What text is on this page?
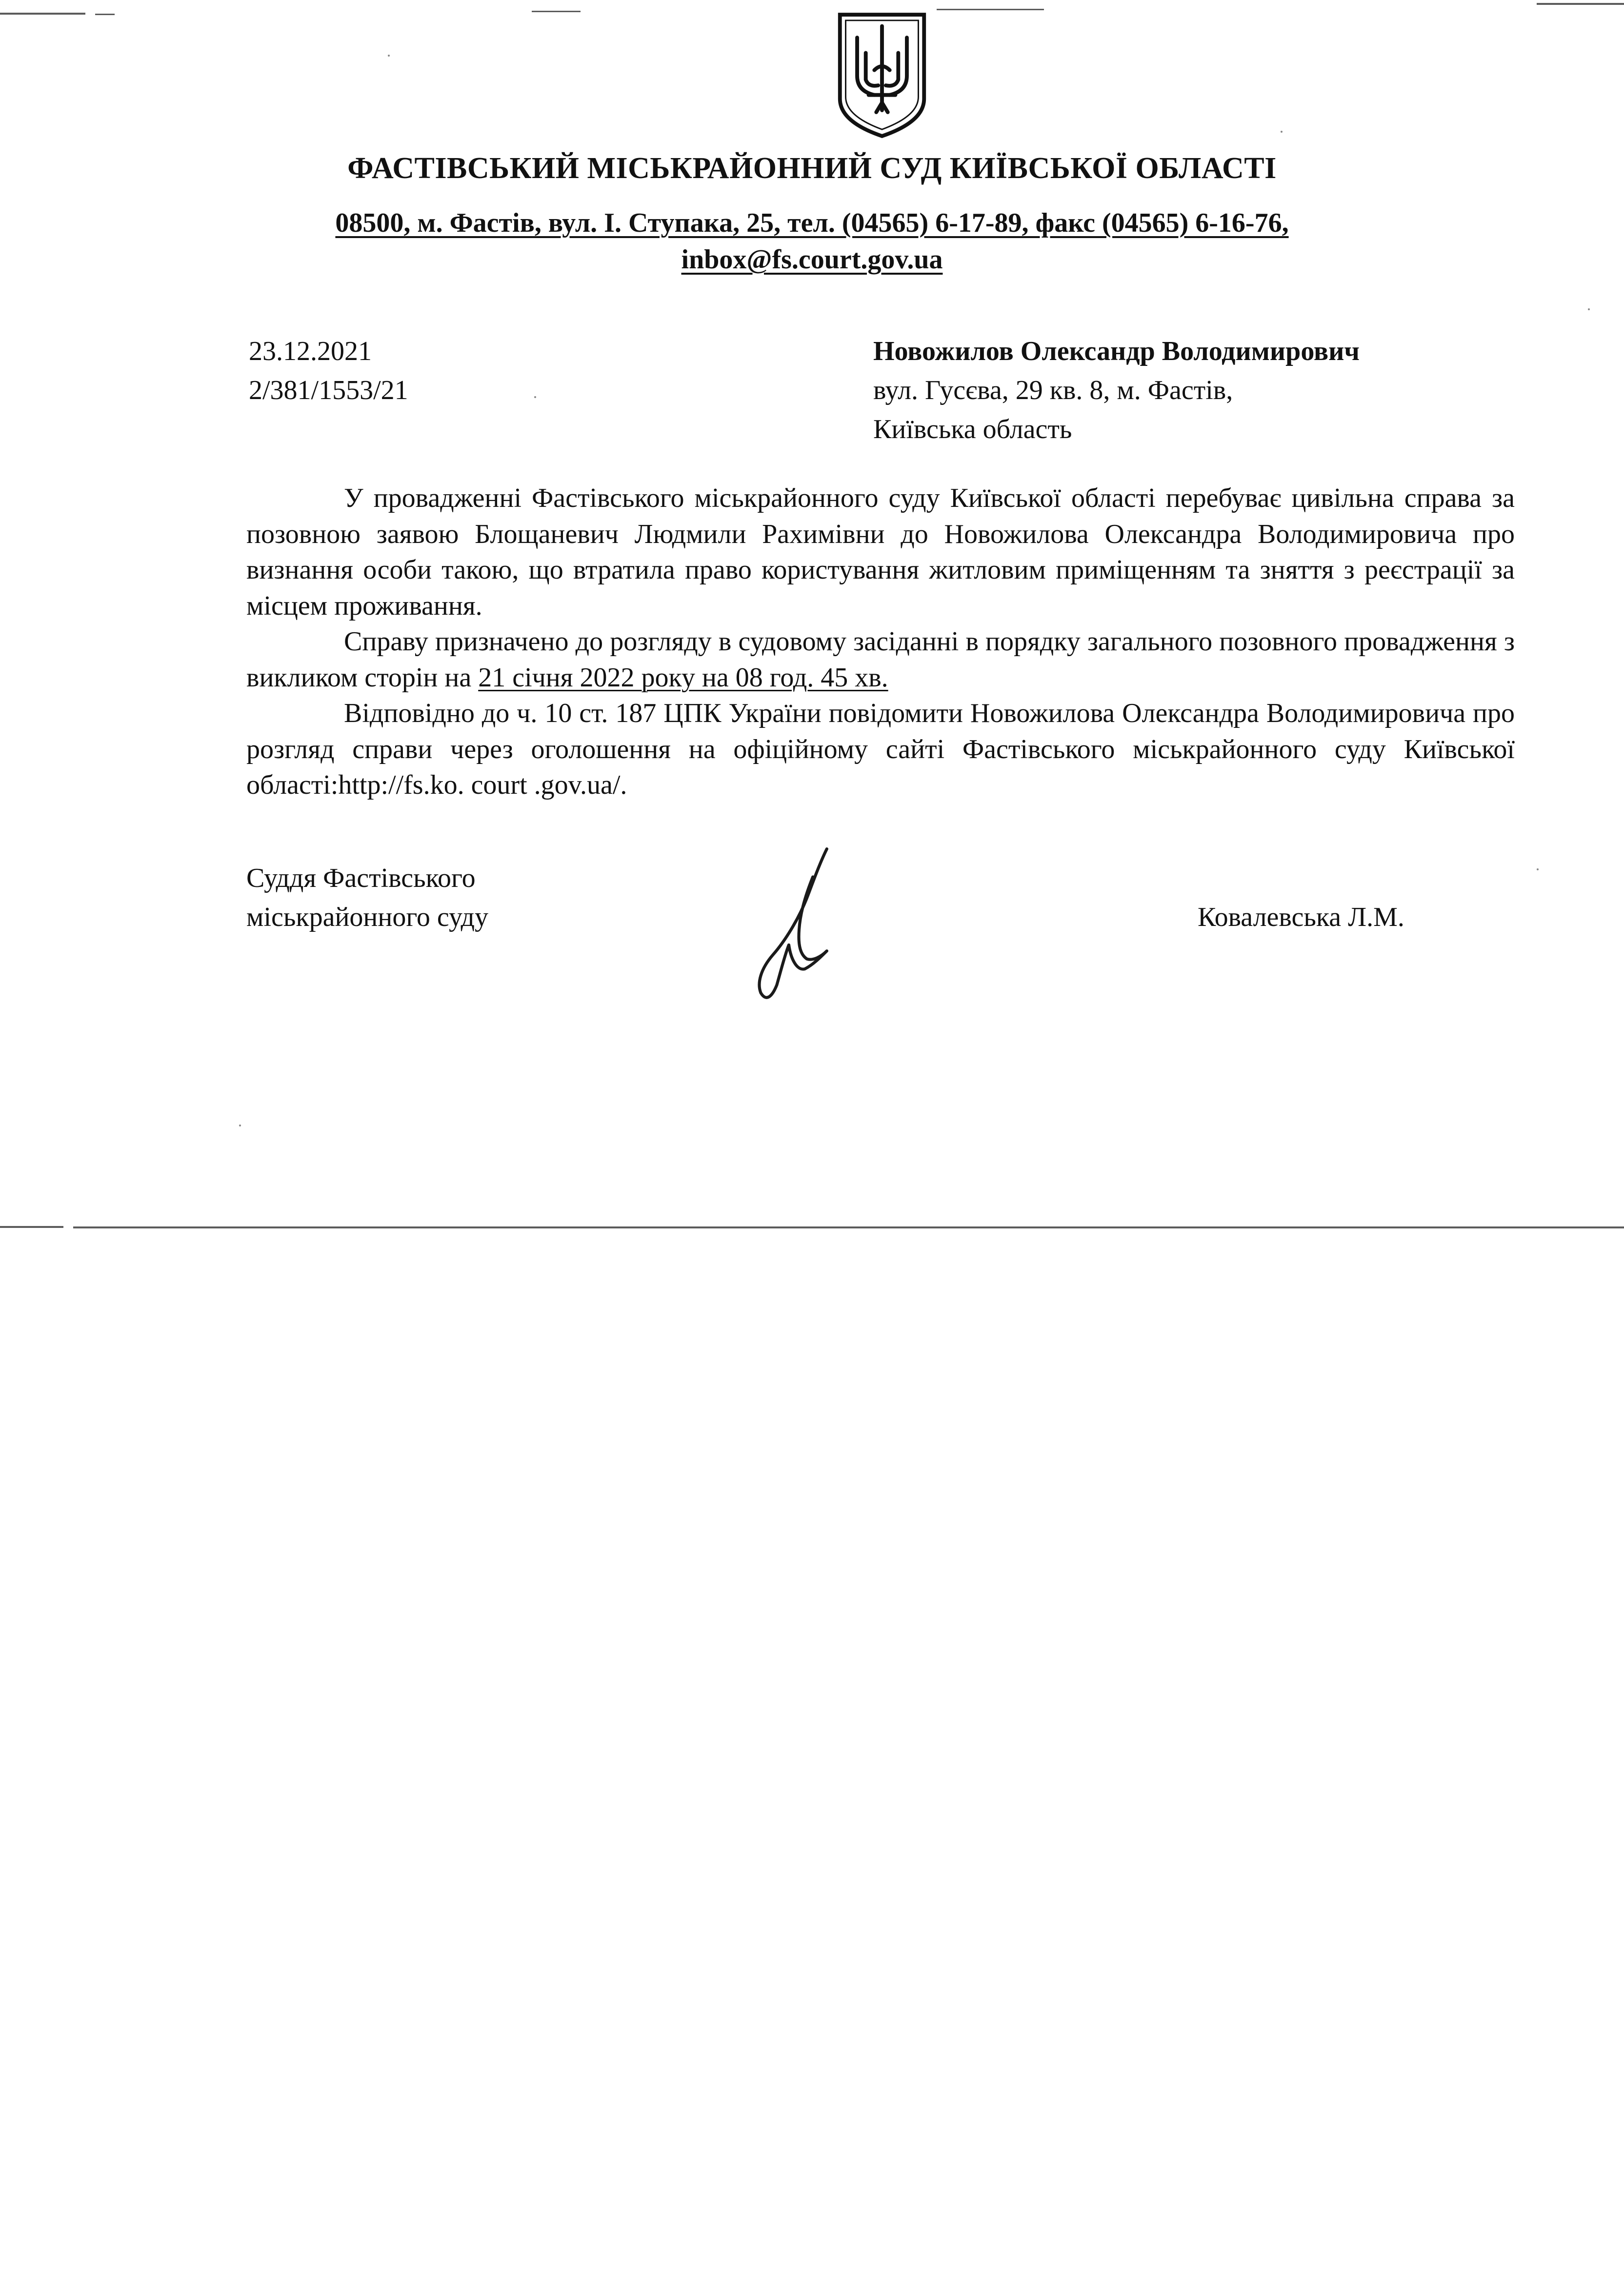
ФАСТІВСЬКИЙ МІСЬКРАЙОННИЙ СУД КИЇВСЬКОЇ ОБЛАСТІ
08500, м. Фастів, вул. І. Ступака, 25, тел. (04565) 6-17-89, факс (04565) 6-16-76,
inbox@fs.court.gov.ua
23.12.2021
2/381/1553/21
Новожилов Олександр Володимирович
вул. Гусєва, 29 кв. 8, м. Фастів,
Київська область

У провадженні Фастівського міськрайонного суду Київської області перебуває цивільна справа за позовною заявою Блощаневич Людмили Рахимівни до Новожилова Олександра Володимировича про визнання особи такою, що втратила право користування житловим приміщенням та зняття з реєстрації за місцем проживання.

Справу призначено до розгляду в судовому засіданні в порядку загального позовного провадження з викликом сторін на 21 січня 2022 року на 08 год. 45 хв.

Відповідно до ч. 10 ст. 187 ЦПК України повідомити Новожилова Олександра Володимировича про розгляд справи через оголошення на офіційному сайті Фастівського міськрайонного суду Київської області:http://fs.ko. court .gov.ua/.

Суддя Фастівського
міськрайонного суду	Ковалевська Л.М.
